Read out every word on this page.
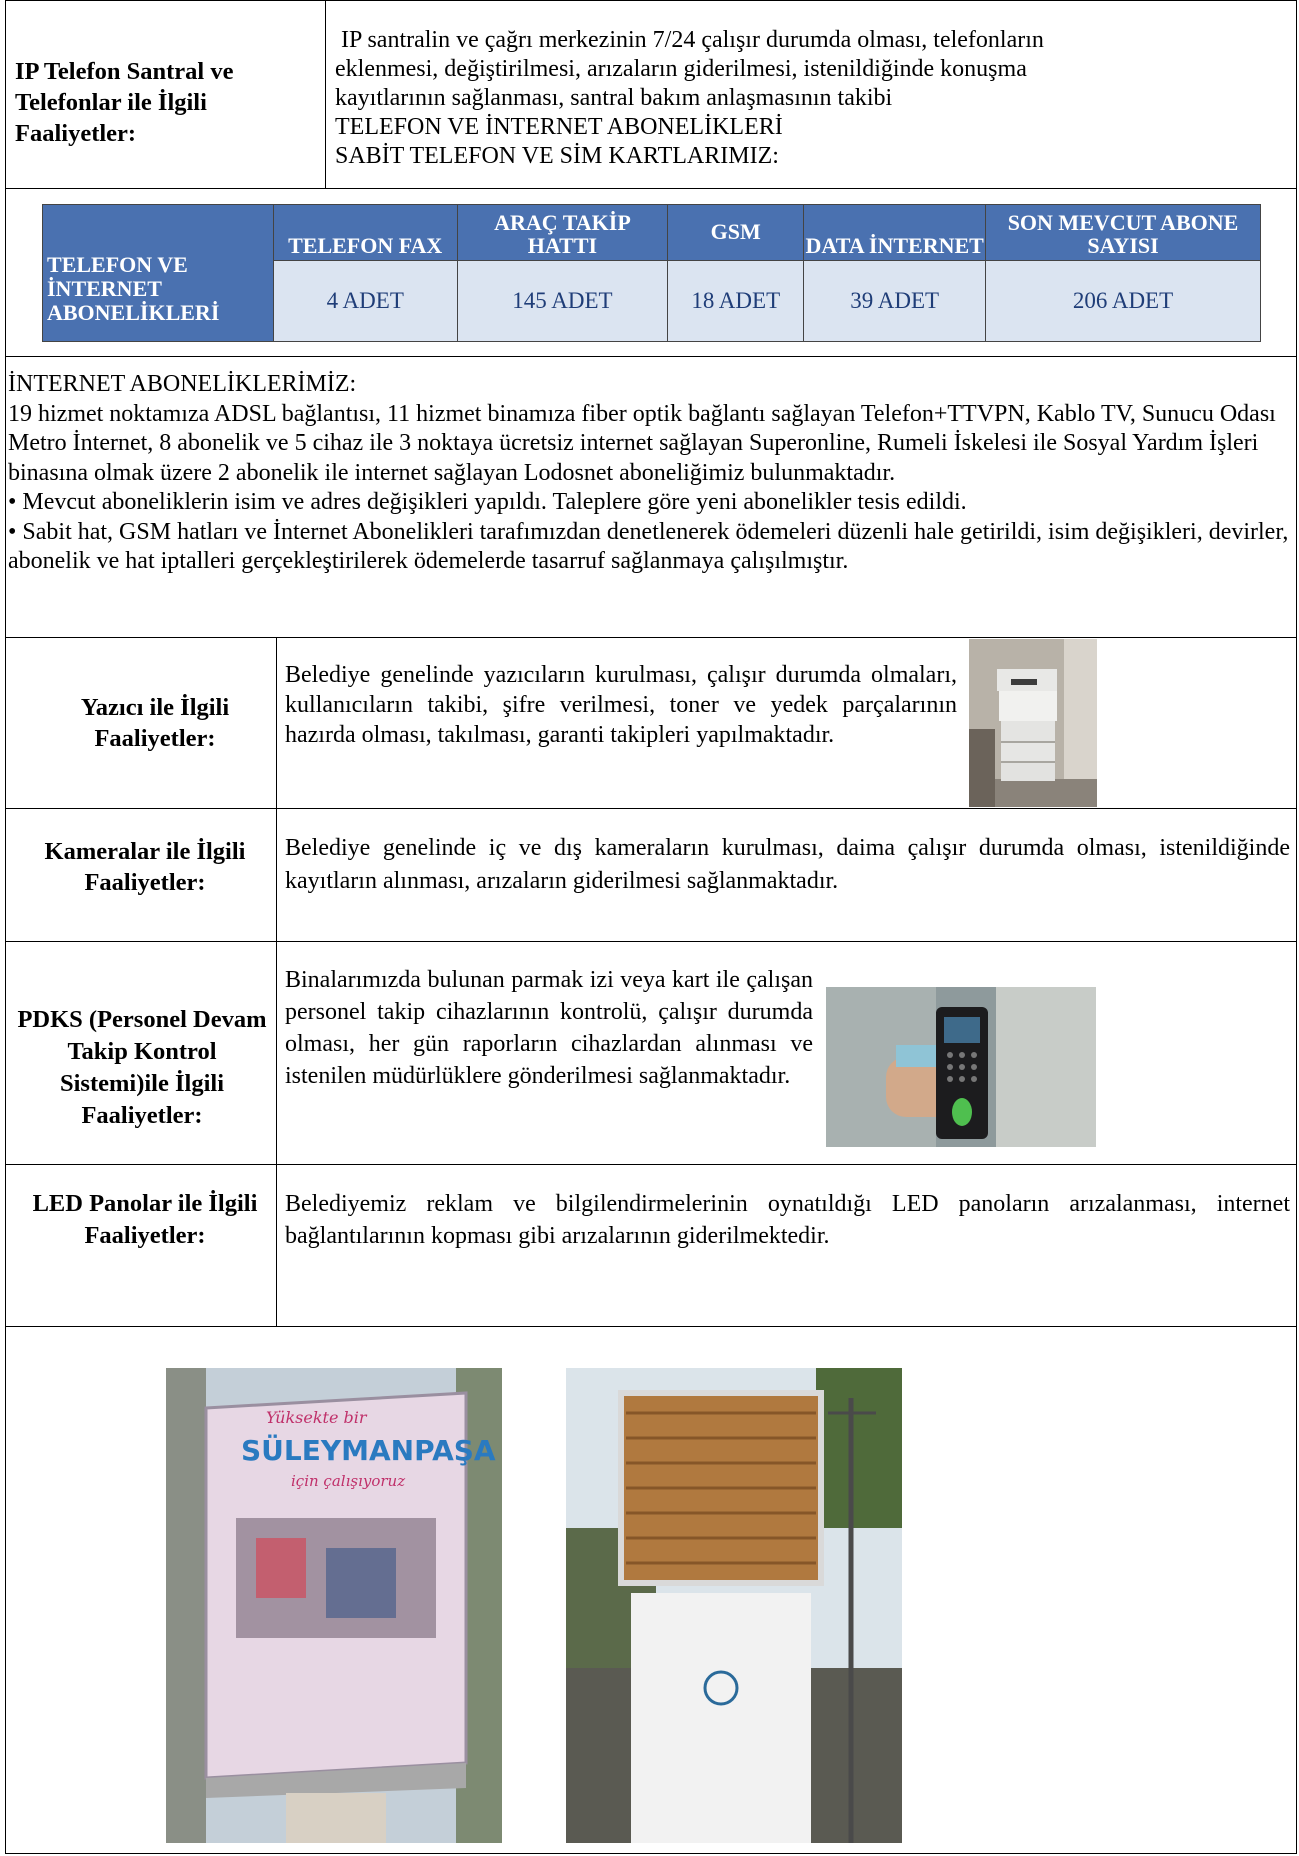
IP Telefon Santral ve Telefonlar ile İlgili Faaliyetler:
IP santralin ve çağrı merkezinin 7/24 çalışır durumda olması, telefonların
eklenmesi, değiştirilmesi, arızaların giderilmesi, istenildiğinde konuşma
kayıtlarının sağlanması, santral bakım anlaşmasının takibi
TELEFON VE İNTERNET ABONELİKLERİ
SABİT TELEFON VE SİM KARTLARIMIZ:
TELEFON VE İNTERNET ABONELİKLERİ	TELEFON FAX	ARAÇ TAKİP HATTI	GSM	DATA İNTERNET	SON MEVCUT ABONE SAYISI
	4 ADET	145 ADET	18 ADET	39 ADET	206 ADET
İNTERNET ABONELİKLERİMİZ:
19 hizmet noktamıza ADSL bağlantısı, 11 hizmet binamıza fiber optik bağlantı sağlayan Telefon+TTVPN, Kablo TV, Sunucu Odası Metro İnternet, 8 abonelik ve 5 cihaz ile 3 noktaya ücretsiz internet sağlayan Superonline, Rumeli İskelesi ile Sosyal Yardım İşleri binasına olmak üzere 2 abonelik ile internet sağlayan Lodosnet aboneliğimiz bulunmaktadır.
• Mevcut aboneliklerin isim ve adres değişikleri yapıldı. Taleplere göre yeni abonelikler tesis edildi.
• Sabit hat, GSM hatları ve İnternet Abonelikleri tarafımızdan denetlenerek ödemeleri düzenli hale getirildi, isim değişikleri, devirler, abonelik ve hat iptalleri gerçekleştirilerek ödemelerde tasarruf sağlanmaya çalışılmıştır.
Yazıcı ile İlgili Faaliyetler:
Belediye genelinde yazıcıların kurulması, çalışır durumda olmaları, kullanıcıların takibi, şifre verilmesi, toner ve yedek parçalarının hazırda olması, takılması, garanti takipleri yapılmaktadır.
Kameralar ile İlgili Faaliyetler:
Belediye genelinde iç ve dış kameraların kurulması, daima çalışır durumda olması, istenildiğinde kayıtların alınması, arızaların giderilmesi sağlanmaktadır.
PDKS (Personel Devam Takip Kontrol Sistemi)ile İlgili Faaliyetler:
Binalarımızda bulunan parmak izi veya kart ile çalışan personel takip cihazlarının kontrolü, çalışır durumda olması, her gün raporların cihazlardan alınması ve istenilen müdürlüklere gönderilmesi sağlanmaktadır.
LED Panolar ile İlgili Faaliyetler:
Belediyemiz reklam ve bilgilendirmelerinin oynatıldığı LED panoların arızalanması, internet bağlantılarının kopması gibi arızalarının giderilmektedir.
Yüksekte bir
SÜLEYMANPAŞA
için çalışıyoruz
